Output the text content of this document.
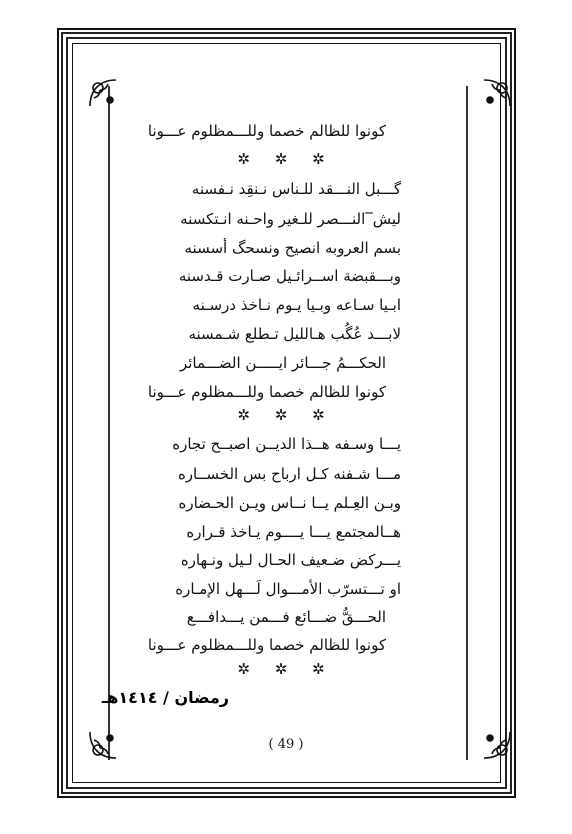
كونوا للظالم خصما وللـــمظلوم عـــونا
✲ ✲ ✲
گـــبل النـــقد للـناس نـنقِد نـفسنه
ليش‾النـــصر للـغير واحـنه انـتكسنه
بسم العروبه انصيح ونسحگ أسسنه
وبـــقبضة اســرائـيل صـارت قـدسنه
ابـيا سـاعه وبـيا يـوم نـاخذ درسـنه
لابـــد عُگُب هـالليل تـطلع شـمسنه
الحكـــمُ جـــائر ايـــــن الضـــمائر
كونوا للظالم خصما وللـــمظلوم عـــونا
✲ ✲ ✲
يـــا وسـفه هــذا الديــن اصبــح تجاره
مـــا شـفنه كـل ارباح بس الخســاره
وبـن العِـلم يــا نــاس ويـن الحـضاره
هــالمجتمع يـــا يــــوم يـاخذ قـراره
يـــركض ضـعيف الحـال لـيل ونـهاره
او تـــتسرّب الأمـــوال لَـــهل الإمـاره
الحـــقُّ ضـــائع فـــمن يـــدافـــع
كونوا للظالم خصما وللـــمظلوم عـــونا
✲ ✲ ✲
رمضان / ١٤١٤هـ
( 49 )
